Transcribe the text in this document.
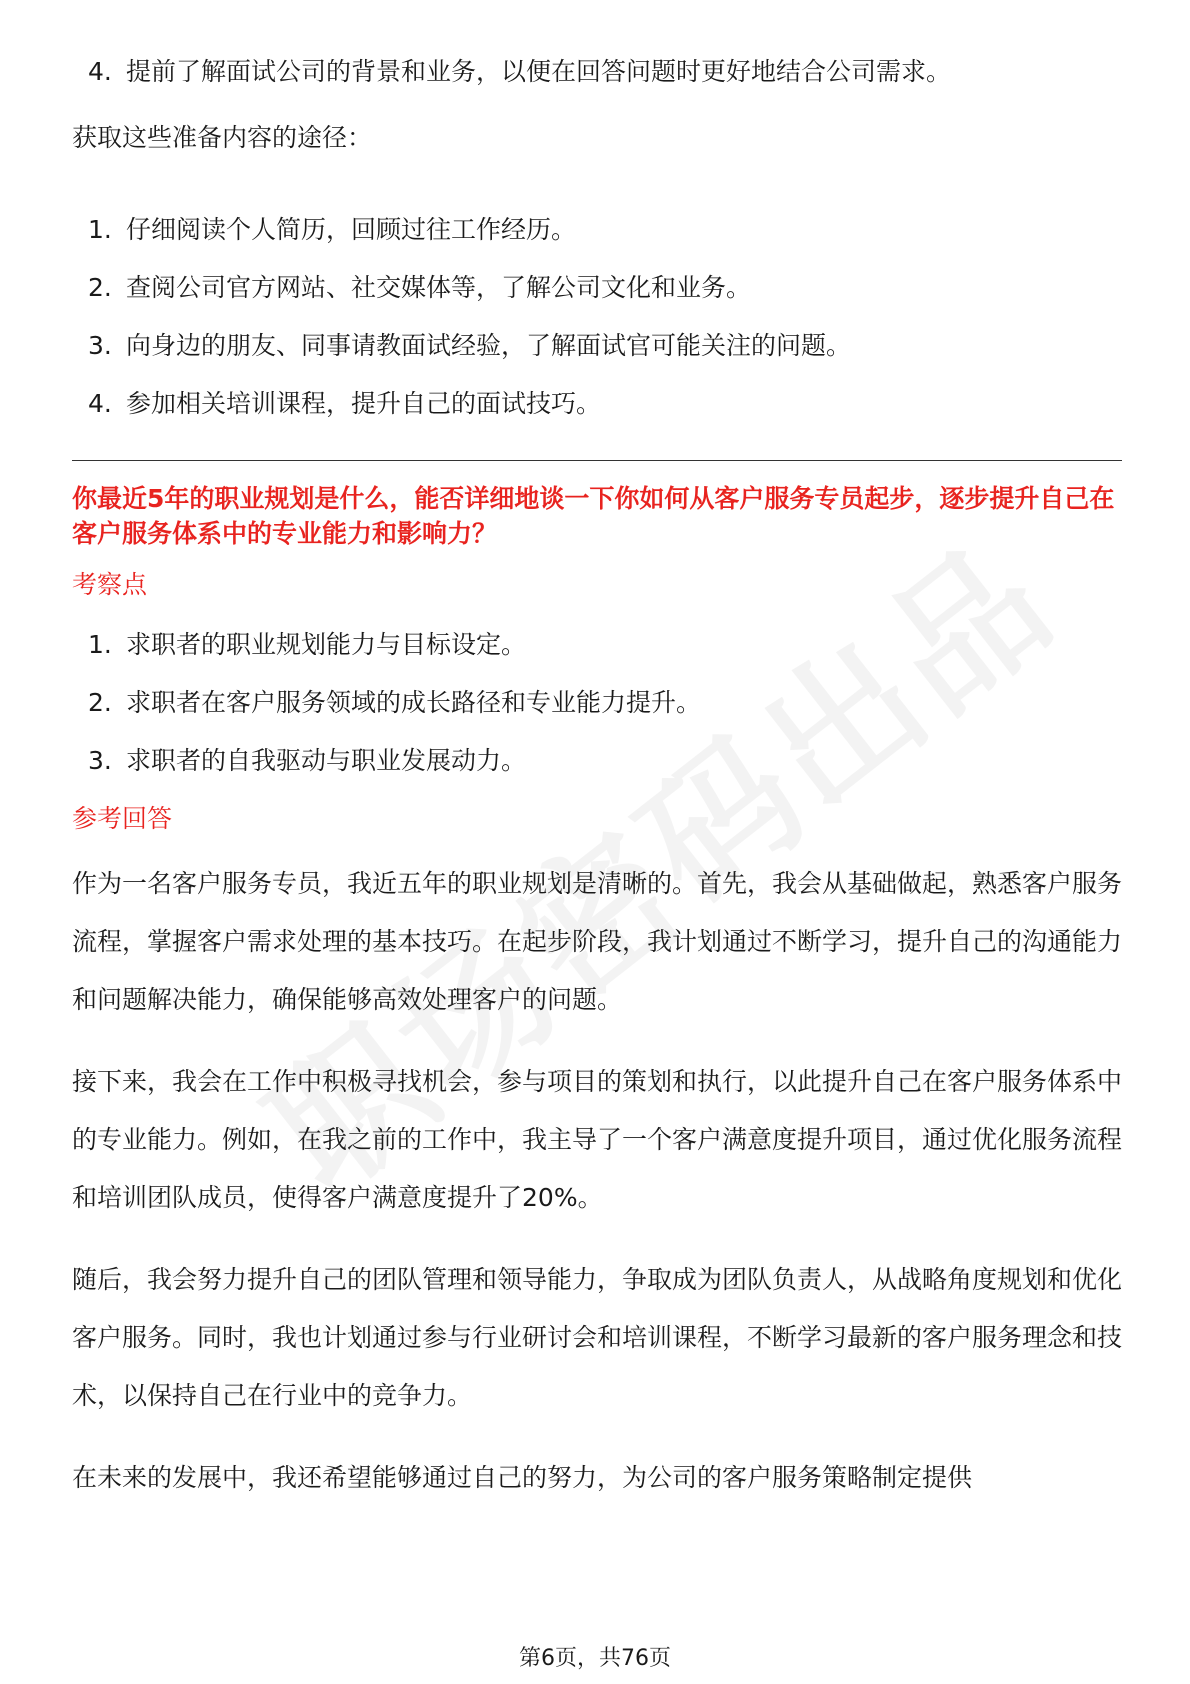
4. 提前了解面试公司的背景和业务，以便在回答问题时更好地结合公司需求。

获取这些准备内容的途径：

1. 仔细阅读个人简历，回顾过往工作经历。
2. 查阅公司官方网站、社交媒体等，了解公司文化和业务。
3. 向身边的朋友、同事请教面试经验，了解面试官可能关注的问题。
4. 参加相关培训课程，提升自己的面试技巧。

你最近5年的职业规划是什么，能否详细地谈一下你如何从客户服务专员起步，逐步提升自己在客户服务体系中的专业能力和影响力？

考察点

1. 求职者的职业规划能力与目标设定。
2. 求职者在客户服务领域的成长路径和专业能力提升。
3. 求职者的自我驱动与职业发展动力。

参考回答

作为一名客户服务专员，我近五年的职业规划是清晰的。首先，我会从基础做起，熟悉客户服务流程，掌握客户需求处理的基本技巧。在起步阶段，我计划通过不断学习，提升自己的沟通能力和问题解决能力，确保能够高效处理客户的问题。

接下来，我会在工作中积极寻找机会，参与项目的策划和执行，以此提升自己在客户服务体系中的专业能力。例如，在我之前的工作中，我主导了一个客户满意度提升项目，通过优化服务流程和培训团队成员，使得客户满意度提升了20%。

随后，我会努力提升自己的团队管理和领导能力，争取成为团队负责人，从战略角度规划和优化客户服务。同时，我也计划通过参与行业研讨会和培训课程，不断学习最新的客户服务理念和技术，以保持自己在行业中的竞争力。

在未来的发展中，我还希望能够通过自己的努力，为公司的客户服务策略制定提供

第6页，共76页
